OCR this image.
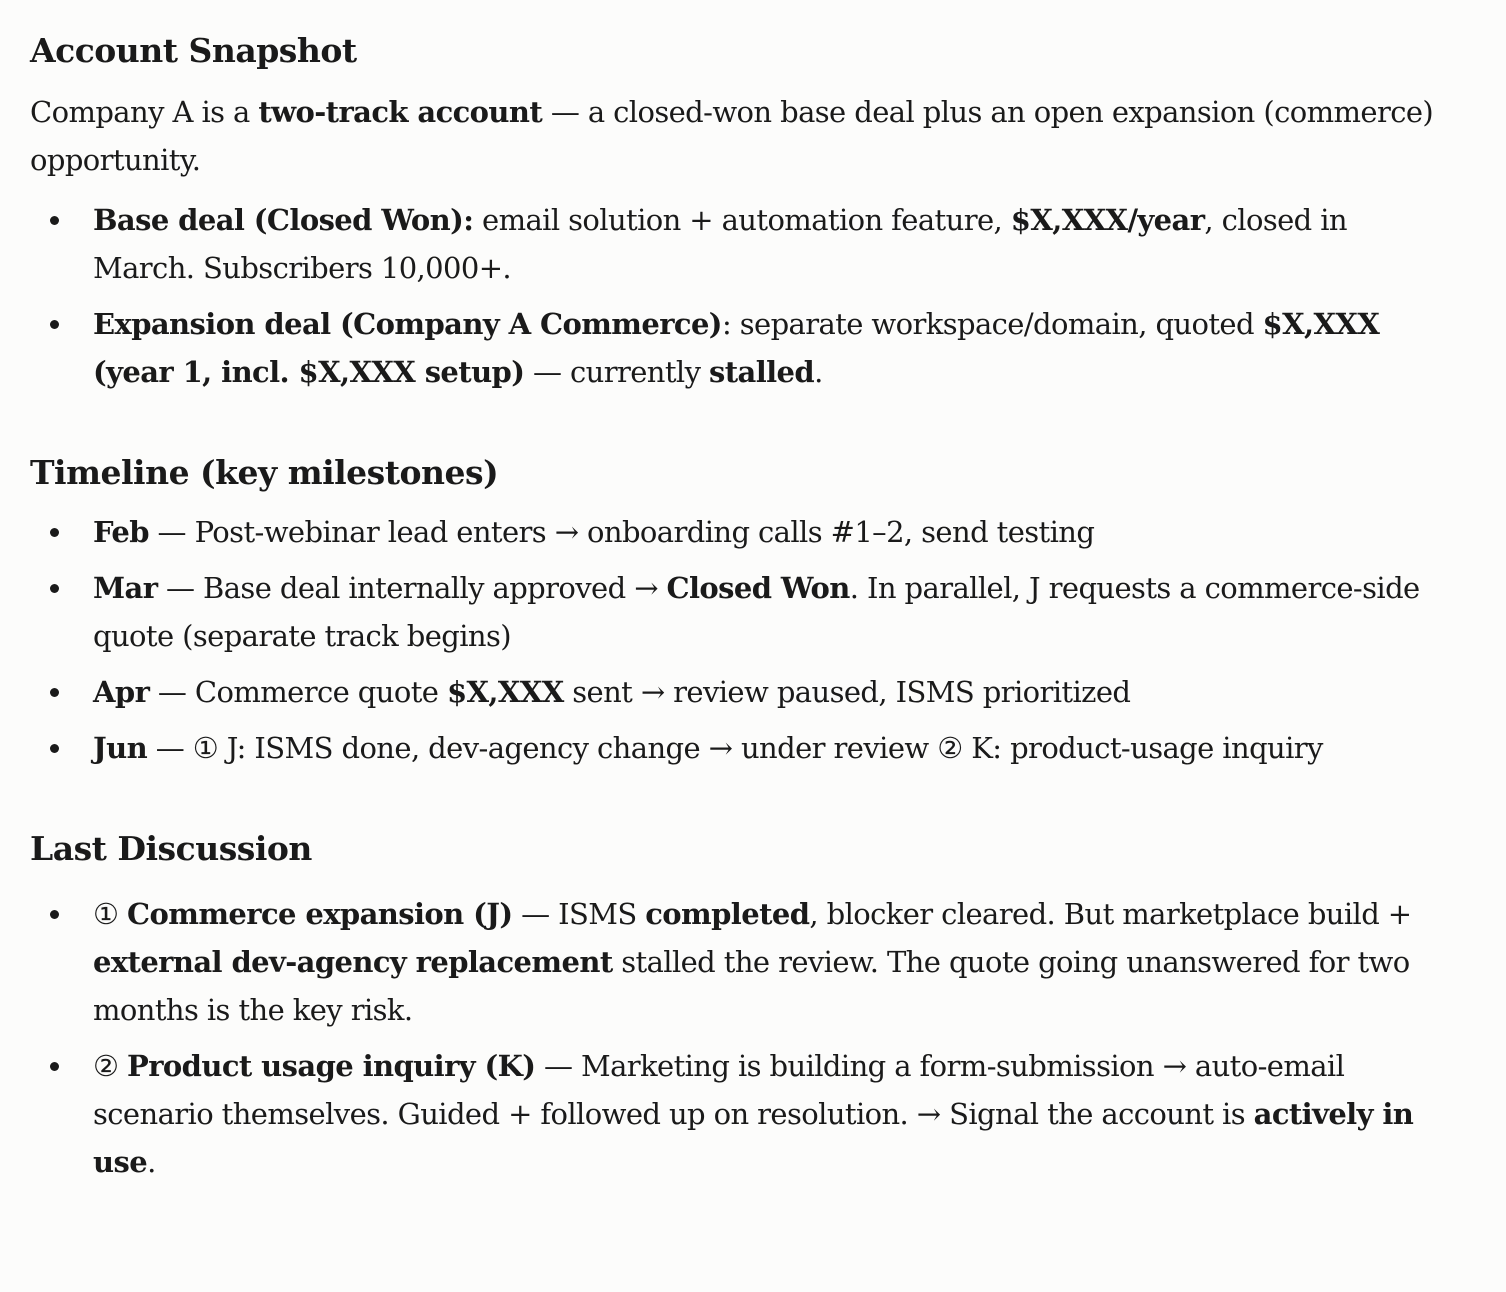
Account Snapshot

Company A is a two-track account — a closed-won base deal plus an open expansion (commerce) opportunity.

Base deal (Closed Won): email solution + automation feature, $X,XXX/year, closed in March. Subscribers 10,000+.
Expansion deal (Company A Commerce): separate workspace/domain, quoted $X,XXX (year 1, incl. $X,XXX setup) — currently stalled.
Timeline (key milestones)
Feb — Post-webinar lead enters → onboarding calls #1–2, send testing
Mar — Base deal internally approved → Closed Won. In parallel, J requests a commerce-side quote (separate track begins)
Apr — Commerce quote $X,XXX sent → review paused, ISMS prioritized
Jun — ① J: ISMS done, dev-agency change → under review ② K: product-usage inquiry
Last Discussion
① Commerce expansion (J) — ISMS completed, blocker cleared. But marketplace build + external dev-agency replacement stalled the review. The quote going unanswered for two months is the key risk.
② Product usage inquiry (K) — Marketing is building a form-submission → auto-email scenario themselves. Guided + followed up on resolution. → Signal the account is actively in use.
